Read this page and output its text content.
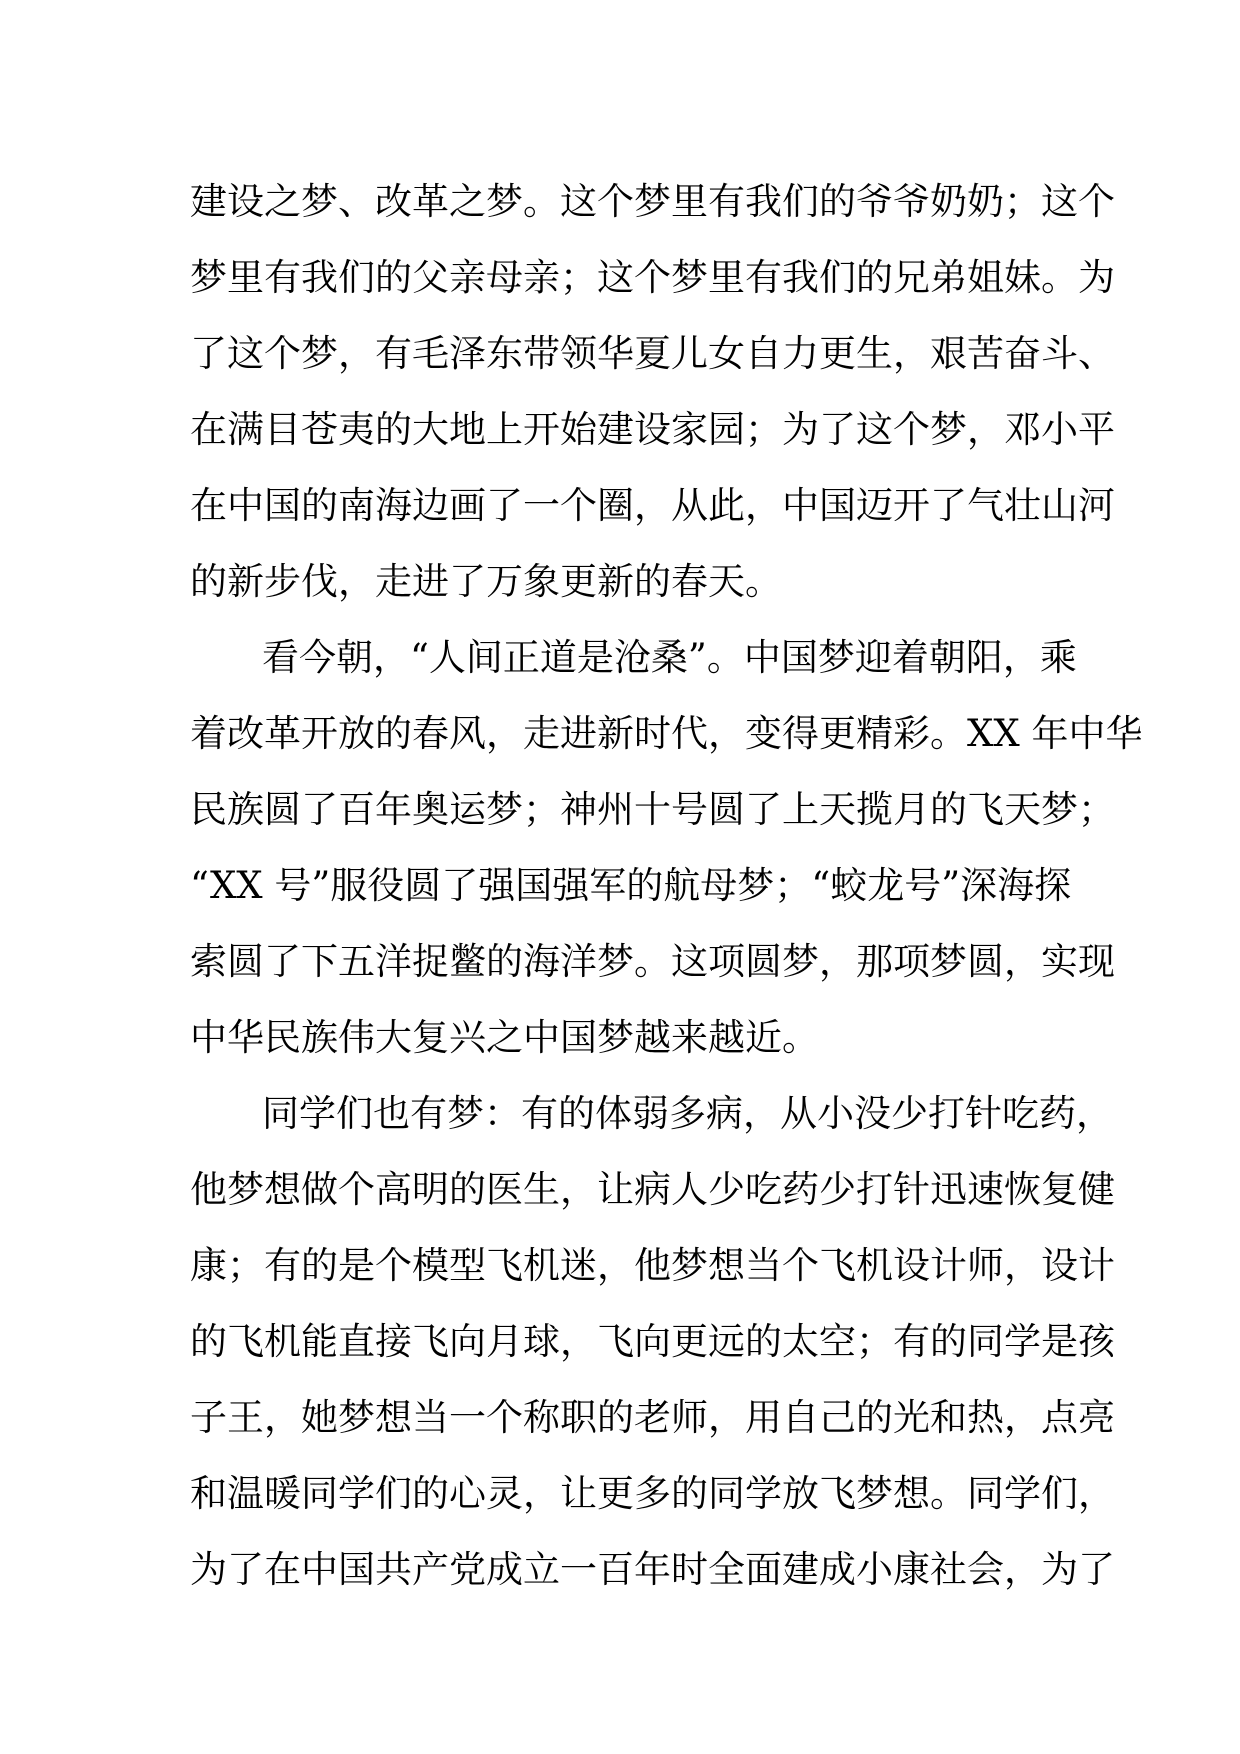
建设之梦、改革之梦。这个梦里有我们的爷爷奶奶；这个
梦里有我们的父亲母亲；这个梦里有我们的兄弟姐妹。为
了这个梦，有毛泽东带领华夏儿女自力更生，艰苦奋斗、
在满目苍夷的大地上开始建设家园；为了这个梦，邓小平
在中国的南海边画了一个圈，从此，中国迈开了气壮山河
的新步伐，走进了万象更新的春天。
看今朝，“人间正道是沧桑”。中国梦迎着朝阳，乘
着改革开放的春风，走进新时代，变得更精彩。XX 年中华
民族圆了百年奥运梦；神州十号圆了上天揽月的飞天梦；
“XX 号”服役圆了强国强军的航母梦；“蛟龙号”深海探
索圆了下五洋捉鳖的海洋梦。这项圆梦，那项梦圆，实现
中华民族伟大复兴之中国梦越来越近。
同学们也有梦：有的体弱多病，从小没少打针吃药，
他梦想做个高明的医生，让病人少吃药少打针迅速恢复健
康；有的是个模型飞机迷，他梦想当个飞机设计师，设计
的飞机能直接飞向月球，飞向更远的太空；有的同学是孩
子王，她梦想当一个称职的老师，用自己的光和热，点亮
和温暖同学们的心灵，让更多的同学放飞梦想。同学们，
为了在中国共产党成立一百年时全面建成小康社会，为了
